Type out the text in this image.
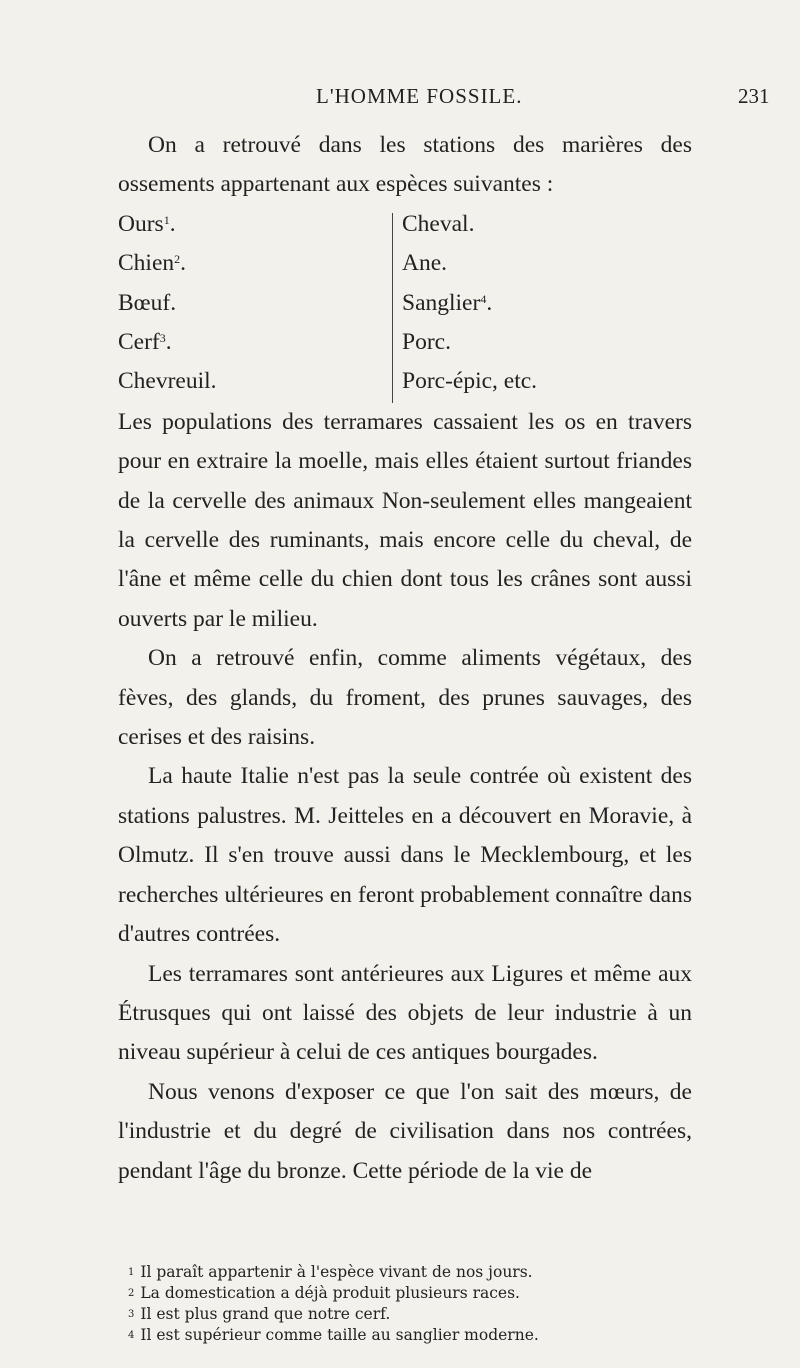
L'HOMME FOSSILE.	231

On a retrouvé dans les stations des marières des ossements appartenant aux espèces suivantes :

Ours$^1$.
Chien$^2$.
Bœuf.
Cerf$^3$.
Chevreuil.
Cheval.
Ane.
Sanglier$^4$.
Porc.
Porc-épic, etc.

Les populations des terramares cassaient les os en travers pour en extraire la moelle, mais elles étaient surtout friandes de la cervelle des animaux Non-seulement elles mangeaient la cervelle des ruminants, mais encore celle du cheval, de l'âne et même celle du chien dont tous les crânes sont aussi ouverts par le milieu.

On a retrouvé enfin, comme aliments végétaux, des fèves, des glands, du froment, des prunes sauvages, des cerises et des raisins.

La haute Italie n'est pas la seule contrée où existent des stations palustres. M. Jeitteles en a découvert en Moravie, à Olmutz. Il s'en trouve aussi dans le Mecklembourg, et les recherches ultérieures en feront probablement connaître dans d'autres contrées.

Les terramares sont antérieures aux Ligures et même aux Étrusques qui ont laissé des objets de leur industrie à un niveau supérieur à celui de ces antiques bourgades.

Nous venons d'exposer ce que l'on sait des mœurs, de l'industrie et du degré de civilisation dans nos contrées, pendant l'âge du bronze. Cette période de la vie de

$^1$ Il paraît appartenir à l'espèce vivant de nos jours.
$^2$ La domestication a déjà produit plusieurs races.
$^3$ Il est plus grand que notre cerf.
$^4$ Il est supérieur comme taille au sanglier moderne.
